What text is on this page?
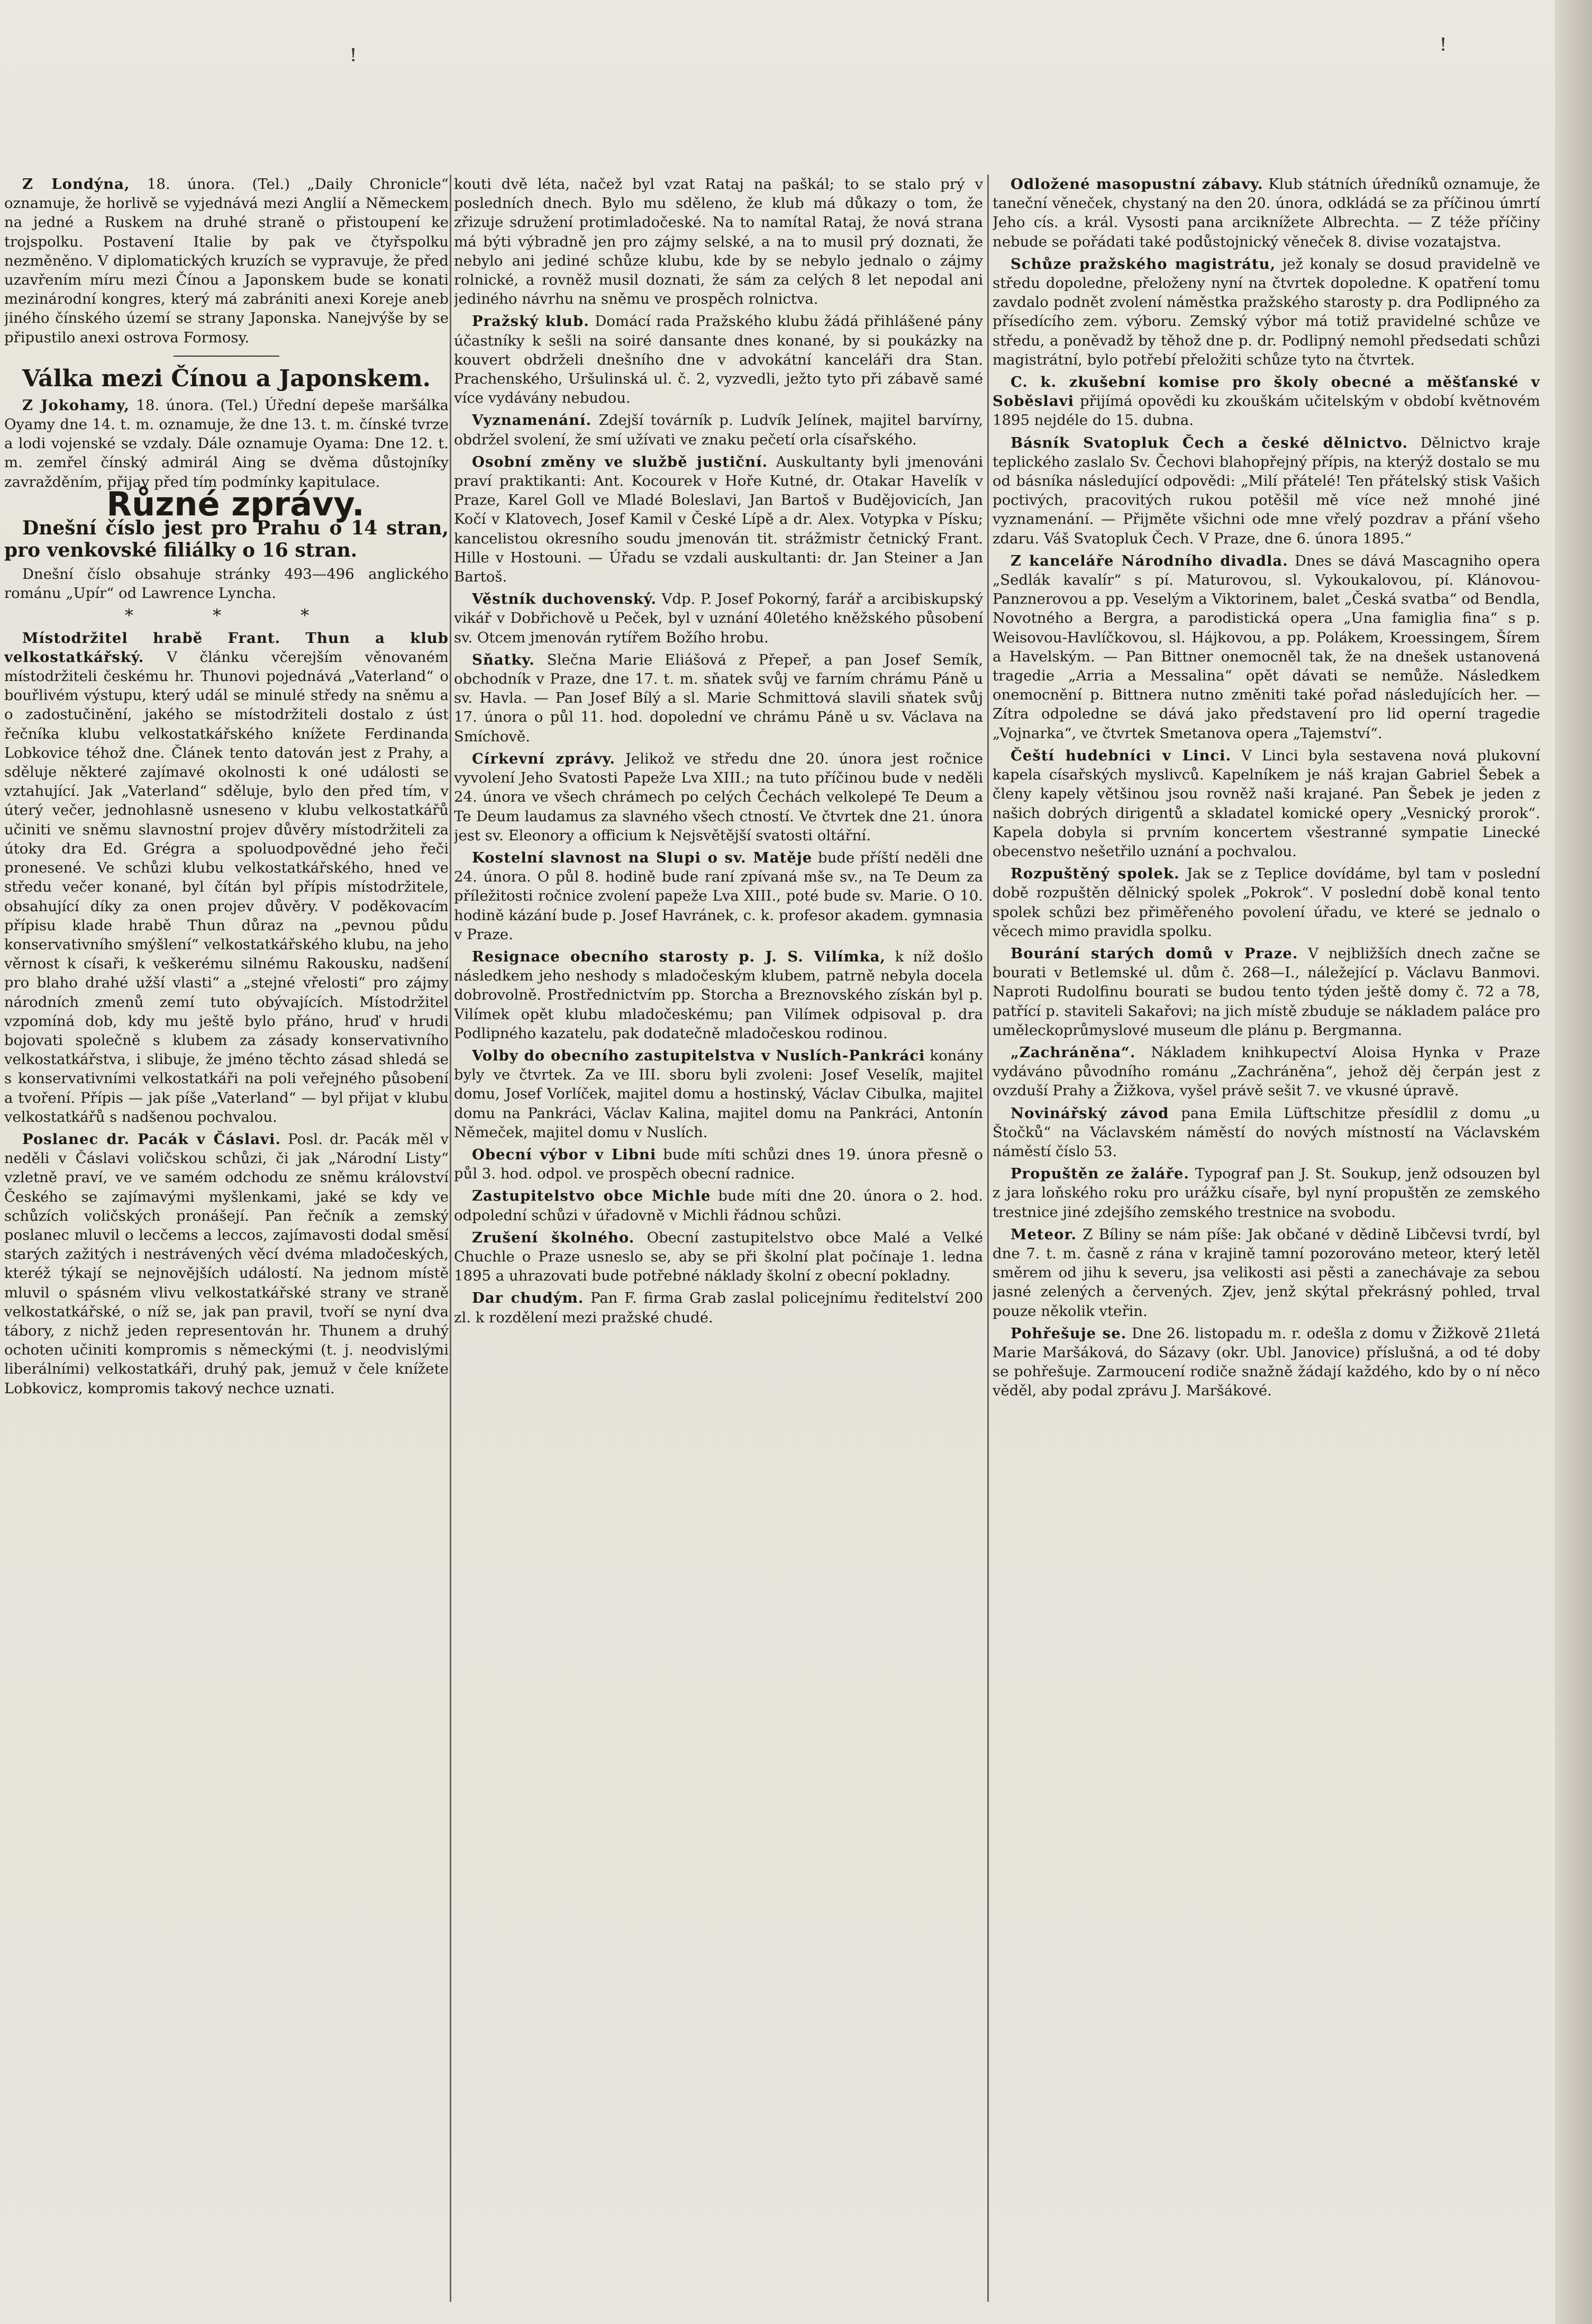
ꜝ	ꜝ

Z Londýna, 18. února. (Tel.) „Daily Chronicle“ oznamuje, že horlivě se vyjednává mezi Anglií a Německem na jedné a Ruskem na druhé straně o přistoupení ke trojspolku. Postavení Italie by pak ve čtyřspolku nezměněno. V diplomatických kruzích se vypravuje, že před uzavřením míru mezi Čínou a Japonskem bude se konati mezinárodní kongres, který má zabrániti anexi Koreje aneb jiného čínského území se strany Japonska. Nanejvýše by se připustilo anexi ostrova Formosy.

Válka mezi Čínou a Japonskem.

Z Jokohamy, 18. února. (Tel.) Úřední depeše maršálka Oyamy dne 14. t. m. oznamuje, že dne 13. t. m. čínské tvrze a lodi vojenské se vzdaly. Dále oznamuje Oyama: Dne 12. t. m. zemřel čínský admirál Aing se dvěma důstojníky zavražděním, přijav před tím podmínky kapitulace.

Různé zprávy.

Dnešní číslo jest pro Prahu o 14 stran, pro venkovské filiálky o 16 stran.

Dnešní číslo obsahuje stránky 493—496 anglického románu „Upír“ od Lawrence Lyncha.

* * *

Místodržitel hrabě Frant. Thun a klub velkostatkářský. V článku včerejším věnovaném místodržiteli českému hr. Thunovi pojednává „Vaterland“ o bouřlivém výstupu, který udál se minulé středy na sněmu a o zadostučinění, jakého se místodržiteli dostalo z úst řečníka klubu velkostatkářského knížete Ferdinanda Lobkovice téhož dne. Článek tento datován jest z Prahy, a sděluje některé zajímavé okolnosti k oné události se vztahující. Jak „Vaterland“ sděluje, bylo den před tím, v úterý večer, jednohlasně usneseno v klubu velkostatkářů učiniti ve sněmu slavnostní projev důvěry místodržiteli za útoky dra Ed. Grégra a spoluodpovědné jeho řeči pronesené. Ve schůzi klubu velkostatkářského, hned ve středu večer konané, byl čítán byl přípis místodržitele, obsahující díky za onen projev důvěry. V poděkovacím přípisu klade hrabě Thun důraz na „pevnou půdu konservativního smýšlení“ velkostatkářského klubu, na jeho věrnost k císaři, k veškerému silnému Rakousku, nadšení pro blaho drahé užší vlasti“ a „stejné vřelosti“ pro zájmy národních zmenů zemí tuto obývajících. Místodržitel vzpomíná dob, kdy mu ještě bylo přáno, hruď v hrudi bojovati společně s klubem za zásady konservativního velkostatkářstva, i slibuje, že jméno těchto zásad shledá se s konservativními velkostatkáři na poli veřejného působení a tvoření. Přípis — jak píše „Vaterland“ — byl přijat v klubu velkostatkářů s nadšenou pochvalou.

Poslanec dr. Pacák v Čáslavi. Posl. dr. Pacák měl v neděli v Čáslavi voličskou schůzi, či jak „Národní Listy“ vzletně praví, ve ve samém odchodu ze sněmu království Českého se zajímavými myšlenkami, jaké se kdy ve schůzích voličských pronášejí. Pan řečník a zemský poslanec mluvil o lecčems a leccos, zajímavosti dodal směsí starých zažitých i nestrávených věcí dvéma mladočeských, kteréž týkají se nejnovějších událostí. Na jednom místě mluvil o spásném vlivu velkostatkářské strany ve straně velkostatkářské, o níž se, jak pan pravil, tvoří se nyní dva tábory, z nichž jeden representován hr. Thunem a druhý ochoten učiniti kompromis s německými (t. j. neodvislými liberálními) velkostatkáři, druhý pak, jemuž v čele knížete Lobkovicz, kompromis takový nechce uznati.

kouti dvě léta, načež byl vzat Rataj na paškál; to se stalo prý v posledních dnech. Bylo mu sděleno, že klub má důkazy o tom, že zřizuje sdružení protimladočeské. Na to namítal Rataj, že nová strana má býti výbradně jen pro zájmy selské, a na to musil prý doznati, že nebylo ani jediné schůze klubu, kde by se nebylo jednalo o zájmy rolnické, a rovněž musil doznati, že sám za celých 8 let nepodal ani jediného návrhu na sněmu ve prospěch rolnictva.

Pražský klub. Domácí rada Pražského klubu žádá přihlášené pány účastníky k sešli na soiré dansante dnes konané, by si poukázky na kouvert obdrželi dnešního dne v advokátní kanceláři dra Stan. Prachenského, Uršulinská ul. č. 2, vyzvedli, ježto tyto při zábavě samé více vydávány nebudou.

Vyznamenání. Zdejší továrník p. Ludvík Jelínek, majitel barvírny, obdržel svolení, že smí užívati ve znaku pečetí orla císařského.

Osobní změny ve službě justiční. Auskultanty byli jmenováni praví praktikanti: Ant. Kocourek v Hoře Kutné, dr. Otakar Havelík v Praze, Karel Goll ve Mladé Boleslavi, Jan Bartoš v Budějovicích, Jan Kočí v Klatovech, Josef Kamil v České Lípě a dr. Alex. Votypka v Písku; kancelistou okresního soudu jmenován tit. strážmistr četnický Frant. Hille v Hostouni. — Úřadu se vzdali auskultanti: dr. Jan Steiner a Jan Bartoš.

Věstník duchovenský. Vdp. P. Josef Pokorný, farář a arcibiskupský vikář v Dobřichově u Peček, byl v uznání 40letého kněžského působení sv. Otcem jmenován rytířem Božího hrobu.

Sňatky. Slečna Marie Eliášová z Přepeř, a pan Josef Semík, obchodník v Praze, dne 17. t. m. sňatek svůj ve farním chrámu Páně u sv. Havla. — Pan Josef Bílý a sl. Marie Schmittová slavili sňatek svůj 17. února o půl 11. hod. dopolední ve chrámu Páně u sv. Václava na Smíchově.

Církevní zprávy. Jelikož ve středu dne 20. února jest ročnice vyvolení Jeho Svatosti Papeže Lva XIII.; na tuto příčinou bude v neděli 24. února ve všech chrámech po celých Čechách velkolepé Te Deum a Te Deum laudamus za slavného všech ctností. Ve čtvrtek dne 21. února jest sv. Eleonory a officium k Nejsvětější svatosti oltářní.

Kostelní slavnost na Slupi o sv. Matěje bude příští neděli dne 24. února. O půl 8. hodině bude raní zpívaná mše sv., na Te Deum za příležitosti ročnice zvolení papeže Lva XIII., poté bude sv. Marie. O 10. hodině kázání bude p. Josef Havránek, c. k. profesor akadem. gymnasia v Praze.

Resignace obecního starosty p. J. S. Vilímka, k níž došlo následkem jeho neshody s mladočeským klubem, patrně nebyla docela dobrovolně. Prostřednictvím pp. Storcha a Breznovského získán byl p. Vilímek opět klubu mladočeskému; pan Vilímek odpisoval p. dra Podlipného kazatelu, pak dodatečně mladočeskou rodinou.

Volby do obecního zastupitelstva v Nuslích-Pankráci konány byly ve čtvrtek. Za ve III. sboru byli zvoleni: Josef Veselík, majitel domu, Josef Vorlíček, majitel domu a hostinský, Václav Cibulka, majitel domu na Pankráci, Václav Kalina, majitel domu na Pankráci, Antonín Němeček, majitel domu v Nuslích.

Obecní výbor v Libni bude míti schůzi dnes 19. února přesně o půl 3. hod. odpol. ve prospěch obecní radnice.

Zastupitelstvo obce Michle bude míti dne 20. února o 2. hod. odpolední schůzi v úřadovně v Michli řádnou schůzi.

Zrušení školného. Obecní zastupitelstvo obce Malé a Velké Chuchle o Praze usneslo se, aby se při školní plat počínaje 1. ledna 1895 a uhrazovati bude potřebné náklady školní z obecní pokladny.

Dar chudým. Pan F. firma Grab zaslal policejnímu ředitelství 200 zl. k rozdělení mezi pražské chudé.

Odložené masopustní zábavy. Klub státních úředníků oznamuje, že taneční věneček, chystaný na den 20. února, odkládá se za příčinou úmrtí Jeho cís. a král. Vysosti pana arciknížete Albrechta. — Z téže příčiny nebude se pořádati také podůstojnický věneček 8. divise vozatajstva.

Schůze pražského magistrátu, jež konaly se dosud pravidelně ve středu dopoledne, přeloženy nyní na čtvrtek dopoledne. K opatření tomu zavdalo podnět zvolení náměstka pražského starosty p. dra Podlipného za přísedícího zem. výboru. Zemský výbor má totiž pravidelné schůze ve středu, a poněvadž by těhož dne p. dr. Podlipný nemohl předsedati schůzi magistrátní, bylo potřebí přeložiti schůze tyto na čtvrtek.

C. k. zkušební komise pro školy obecné a měšťanské v Soběslavi přijímá opovědi ku zkouškám učitelským v období květnovém 1895 nejdéle do 15. dubna.

Básník Svatopluk Čech a české dělnictvo. Dělnictvo kraje teplického zaslalo Sv. Čechovi blahopřejný přípis, na kterýž dostalo se mu od básníka následující odpovědi: „Milí přátelé! Ten přátelský stisk Vašich poctivých, pracovitých rukou potěšil mě více než mnohé jiné vyznamenání. — Přijměte všichni ode mne vřelý pozdrav a přání všeho zdaru. Váš Svatopluk Čech. V Praze, dne 6. února 1895.“

Z kanceláře Národního divadla. Dnes se dává Mascagniho opera „Sedlák kavalír“ s pí. Maturovou, sl. Vykoukalovou, pí. Klánovou-Panznerovou a pp. Veselým a Viktorinem, balet „Česká svatba“ od Bendla, Novotného a Bergra, a parodistická opera „Una famiglia fina“ s p. Weisovou-Havlíčkovou, sl. Hájkovou, a pp. Polákem, Kroessingem, Šírem a Havelským. — Pan Bittner onemocněl tak, že na dnešek ustanovená tragedie „Arria a Messalina“ opět dávati se nemůže. Následkem onemocnění p. Bittnera nutno změniti také pořad následujících her. — Zítra odpoledne se dává jako představení pro lid operní tragedie „Vojnarka“, ve čtvrtek Smetanova opera „Tajemství“.

Čeští hudebníci v Linci. V Linci byla sestavena nová plukovní kapela císařských myslivců. Kapelníkem je náš krajan Gabriel Šebek a členy kapely většinou jsou rovněž naši krajané. Pan Šebek je jeden z našich dobrých dirigentů a skladatel komické opery „Vesnický prorok“. Kapela dobyla si prvním koncertem všestranné sympatie Linecké obecenstvo nešetřilo uznání a pochvalou.

Rozpuštěný spolek. Jak se z Teplice dovídáme, byl tam v poslední době rozpuštěn dělnický spolek „Pokrok“. V poslední době konal tento spolek schůzi bez přiměřeného povolení úřadu, ve které se jednalo o věcech mimo pravidla spolku.

Bourání starých domů v Praze. V nejbližších dnech začne se bourati v Betlemské ul. dům č. 268—I., náležející p. Václavu Banmovi. Naproti Rudolfinu bourati se budou tento týden ještě domy č. 72 a 78, patřící p. staviteli Sakařovi; na jich místě zbuduje se nákladem paláce pro uměleckoprůmyslové museum dle plánu p. Bergmanna.

„Zachráněna“. Nákladem knihkupectví Aloisa Hynka v Praze vydáváno původního románu „Zachráněna“, jehož děj čerpán jest z ovzduší Prahy a Žižkova, vyšel právě sešit 7. ve vkusné úpravě.

Novinářský závod pana Emila Lüftschitze přesídlil z domu „u Štočků“ na Václavském náměstí do nových místností na Václavském náměstí číslo 53.

Propuštěn ze žaláře. Typograf pan J. St. Soukup, jenž odsouzen byl z jara loňského roku pro urážku císaře, byl nyní propuštěn ze zemského trestnice jiné zdejšího zemského trestnice na svobodu.

Meteor. Z Bíliny se nám píše: Jak občané v dědině Libčevsi tvrdí, byl dne 7. t. m. časně z rána v krajině tamní pozorováno meteor, který letěl směrem od jihu k severu, jsa velikosti asi pěsti a zanechávaje za sebou jasné zelených a červených. Zjev, jenž skýtal překrásný pohled, trval pouze několik vteřin.

Pohřešuje se. Dne 26. listopadu m. r. odešla z domu v Žižkově 21letá Marie Maršáková, do Sázavy (okr. Ubl. Janovice) příslušná, a od té doby se pohřešuje. Zarmoucení rodiče snažně žádají každého, kdo by o ní něco věděl, aby podal zprávu J. Maršákové.
